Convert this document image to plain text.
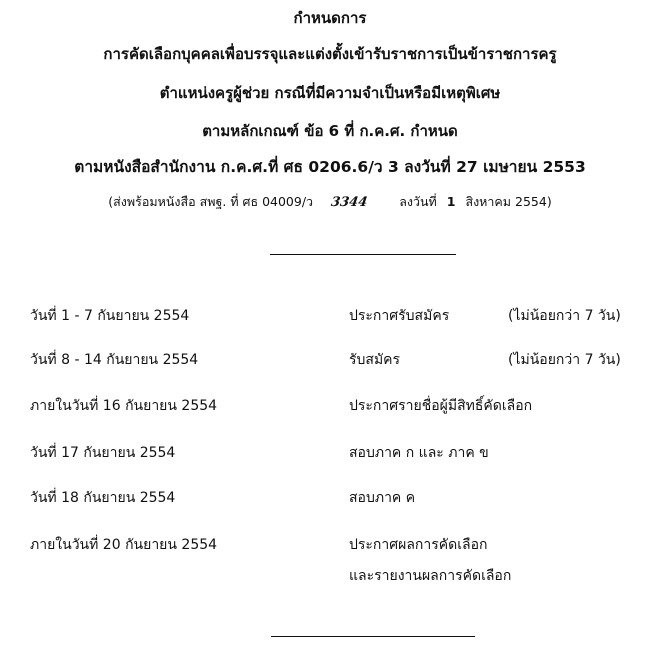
กำหนดการ
การคัดเลือกบุคคลเพื่อบรรจุและแต่งตั้งเข้ารับราชการเป็นข้าราชการครู
ตำแหน่งครูผู้ช่วย กรณีที่มีความจำเป็นหรือมีเหตุพิเศษ
ตามหลักเกณฑ์ ข้อ 6 ที่ ก.ค.ศ. กำหนด
ตามหนังสือสำนักงาน ก.ค.ศ.ที่ ศธ 0206.6/ว 3 ลงวันที่ 27 เมษายน 2553
(ส่งพร้อมหนังสือ สพฐ. ที่ ศธ 04009/ว 3344 ลงวันที่ 1 สิงหาคม 2554)
วันที่ 1 - 7 กันยายน 2554	ประกาศรับสมัคร	(ไม่น้อยกว่า 7 วัน)
วันที่ 8 - 14 กันยายน 2554	รับสมัคร	(ไม่น้อยกว่า 7 วัน)
ภายในวันที่ 16 กันยายน 2554	ประกาศรายชื่อผู้มีสิทธิ์คัดเลือก
วันที่ 17 กันยายน 2554	สอบภาค ก และ ภาค ข
วันที่ 18 กันยายน 2554	สอบภาค ค
ภายในวันที่ 20 กันยายน 2554	ประกาศผลการคัดเลือก
และรายงานผลการคัดเลือก
